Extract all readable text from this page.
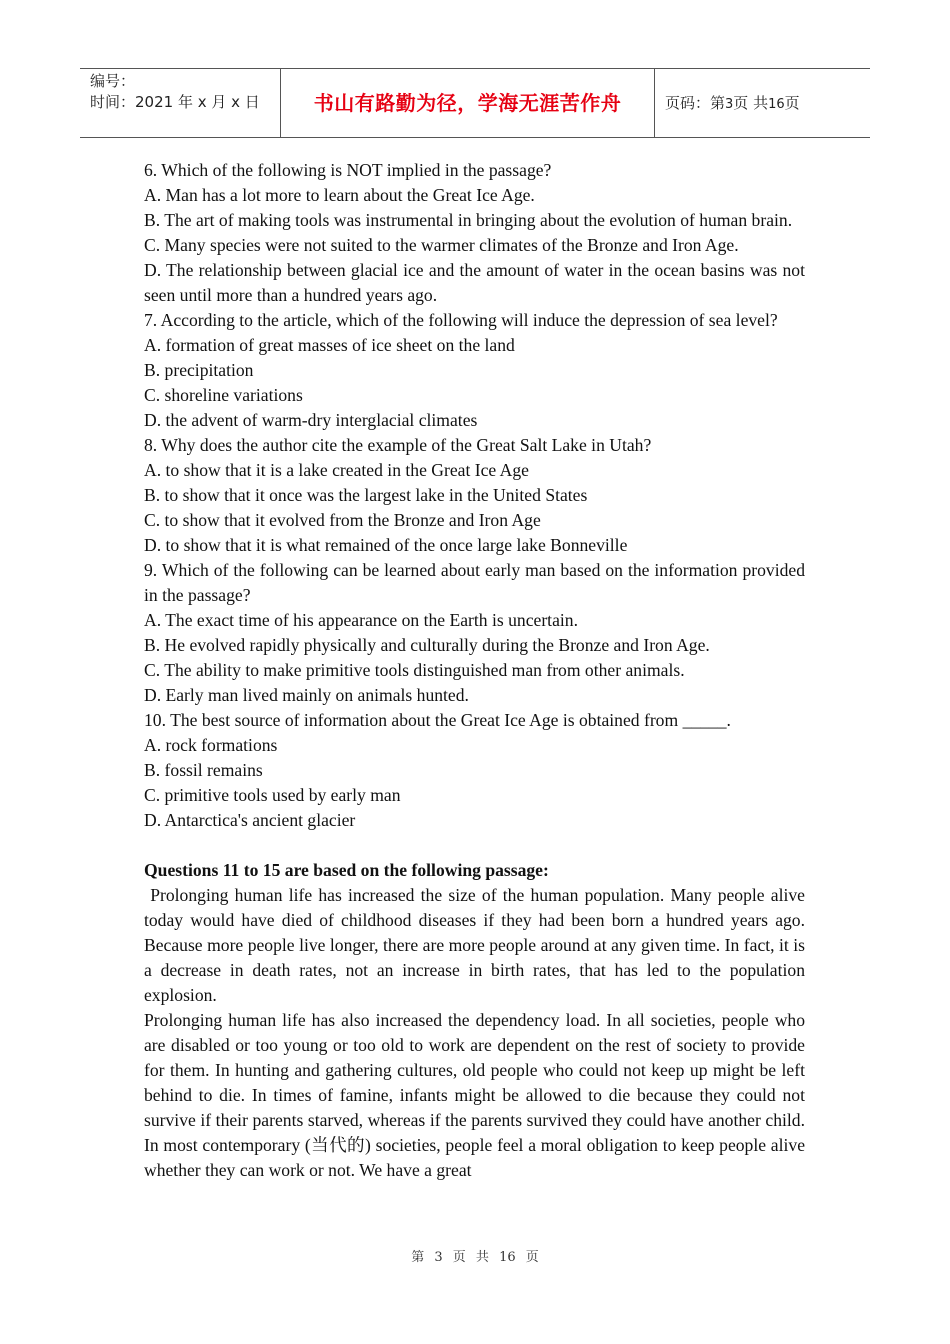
编号：
时间：2021 年 x 月 x 日	书山有路勤为径，学海无涯苦作舟	页码：第3页 共16页

6. Which of the following is NOT implied in the passage?

A. Man has a lot more to learn about the Great Ice Age.

B. The art of making tools was instrumental in bringing about the evolution of human brain.

C. Many species were not suited to the warmer climates of the Bronze and Iron Age.

D. The relationship between glacial ice and the amount of water in the ocean basins was not seen until more than a hundred years ago.

7. According to the article, which of the following will induce the depression of sea level?

A. formation of great masses of ice sheet on the land

B. precipitation

C. shoreline variations

D. the advent of warm-dry interglacial climates

8. Why does the author cite the example of the Great Salt Lake in Utah?

A. to show that it is a lake created in the Great Ice Age

B. to show that it once was the largest lake in the United States

C. to show that it evolved from the Bronze and Iron Age

D. to show that it is what remained of the once large lake Bonneville

9. Which of the following can be learned about early man based on the information provided in the passage?

A. The exact time of his appearance on the Earth is uncertain.

B. He evolved rapidly physically and culturally during the Bronze and Iron Age.

C. The ability to make primitive tools distinguished man from other animals.

D. Early man lived mainly on animals hunted.

10. The best source of information about the Great Ice Age is obtained from _____.

A. rock formations

B. fossil remains

C. primitive tools used by early man

D. Antarctica's ancient glacier

Questions 11 to 15 are based on the following passage:

Prolonging human life has increased the size of the human population. Many people alive today would have died of childhood diseases if they had been born a hundred years ago. Because more people live longer, there are more people around at any given time. In fact, it is a decrease in death rates, not an increase in birth rates, that has led to the population explosion.

Prolonging human life has also increased the dependency load. In all societies, people who are disabled or too young or too old to work are dependent on the rest of society to provide for them. In hunting and gathering cultures, old people who could not keep up might be left behind to die. In times of famine, infants might be allowed to die because they could not survive if their parents starved, whereas if the parents survived they could have another child. In most contemporary (当代的) societies, people feel a moral obligation to keep people alive whether they can work or not. We have a great

第 3 页 共 16 页
